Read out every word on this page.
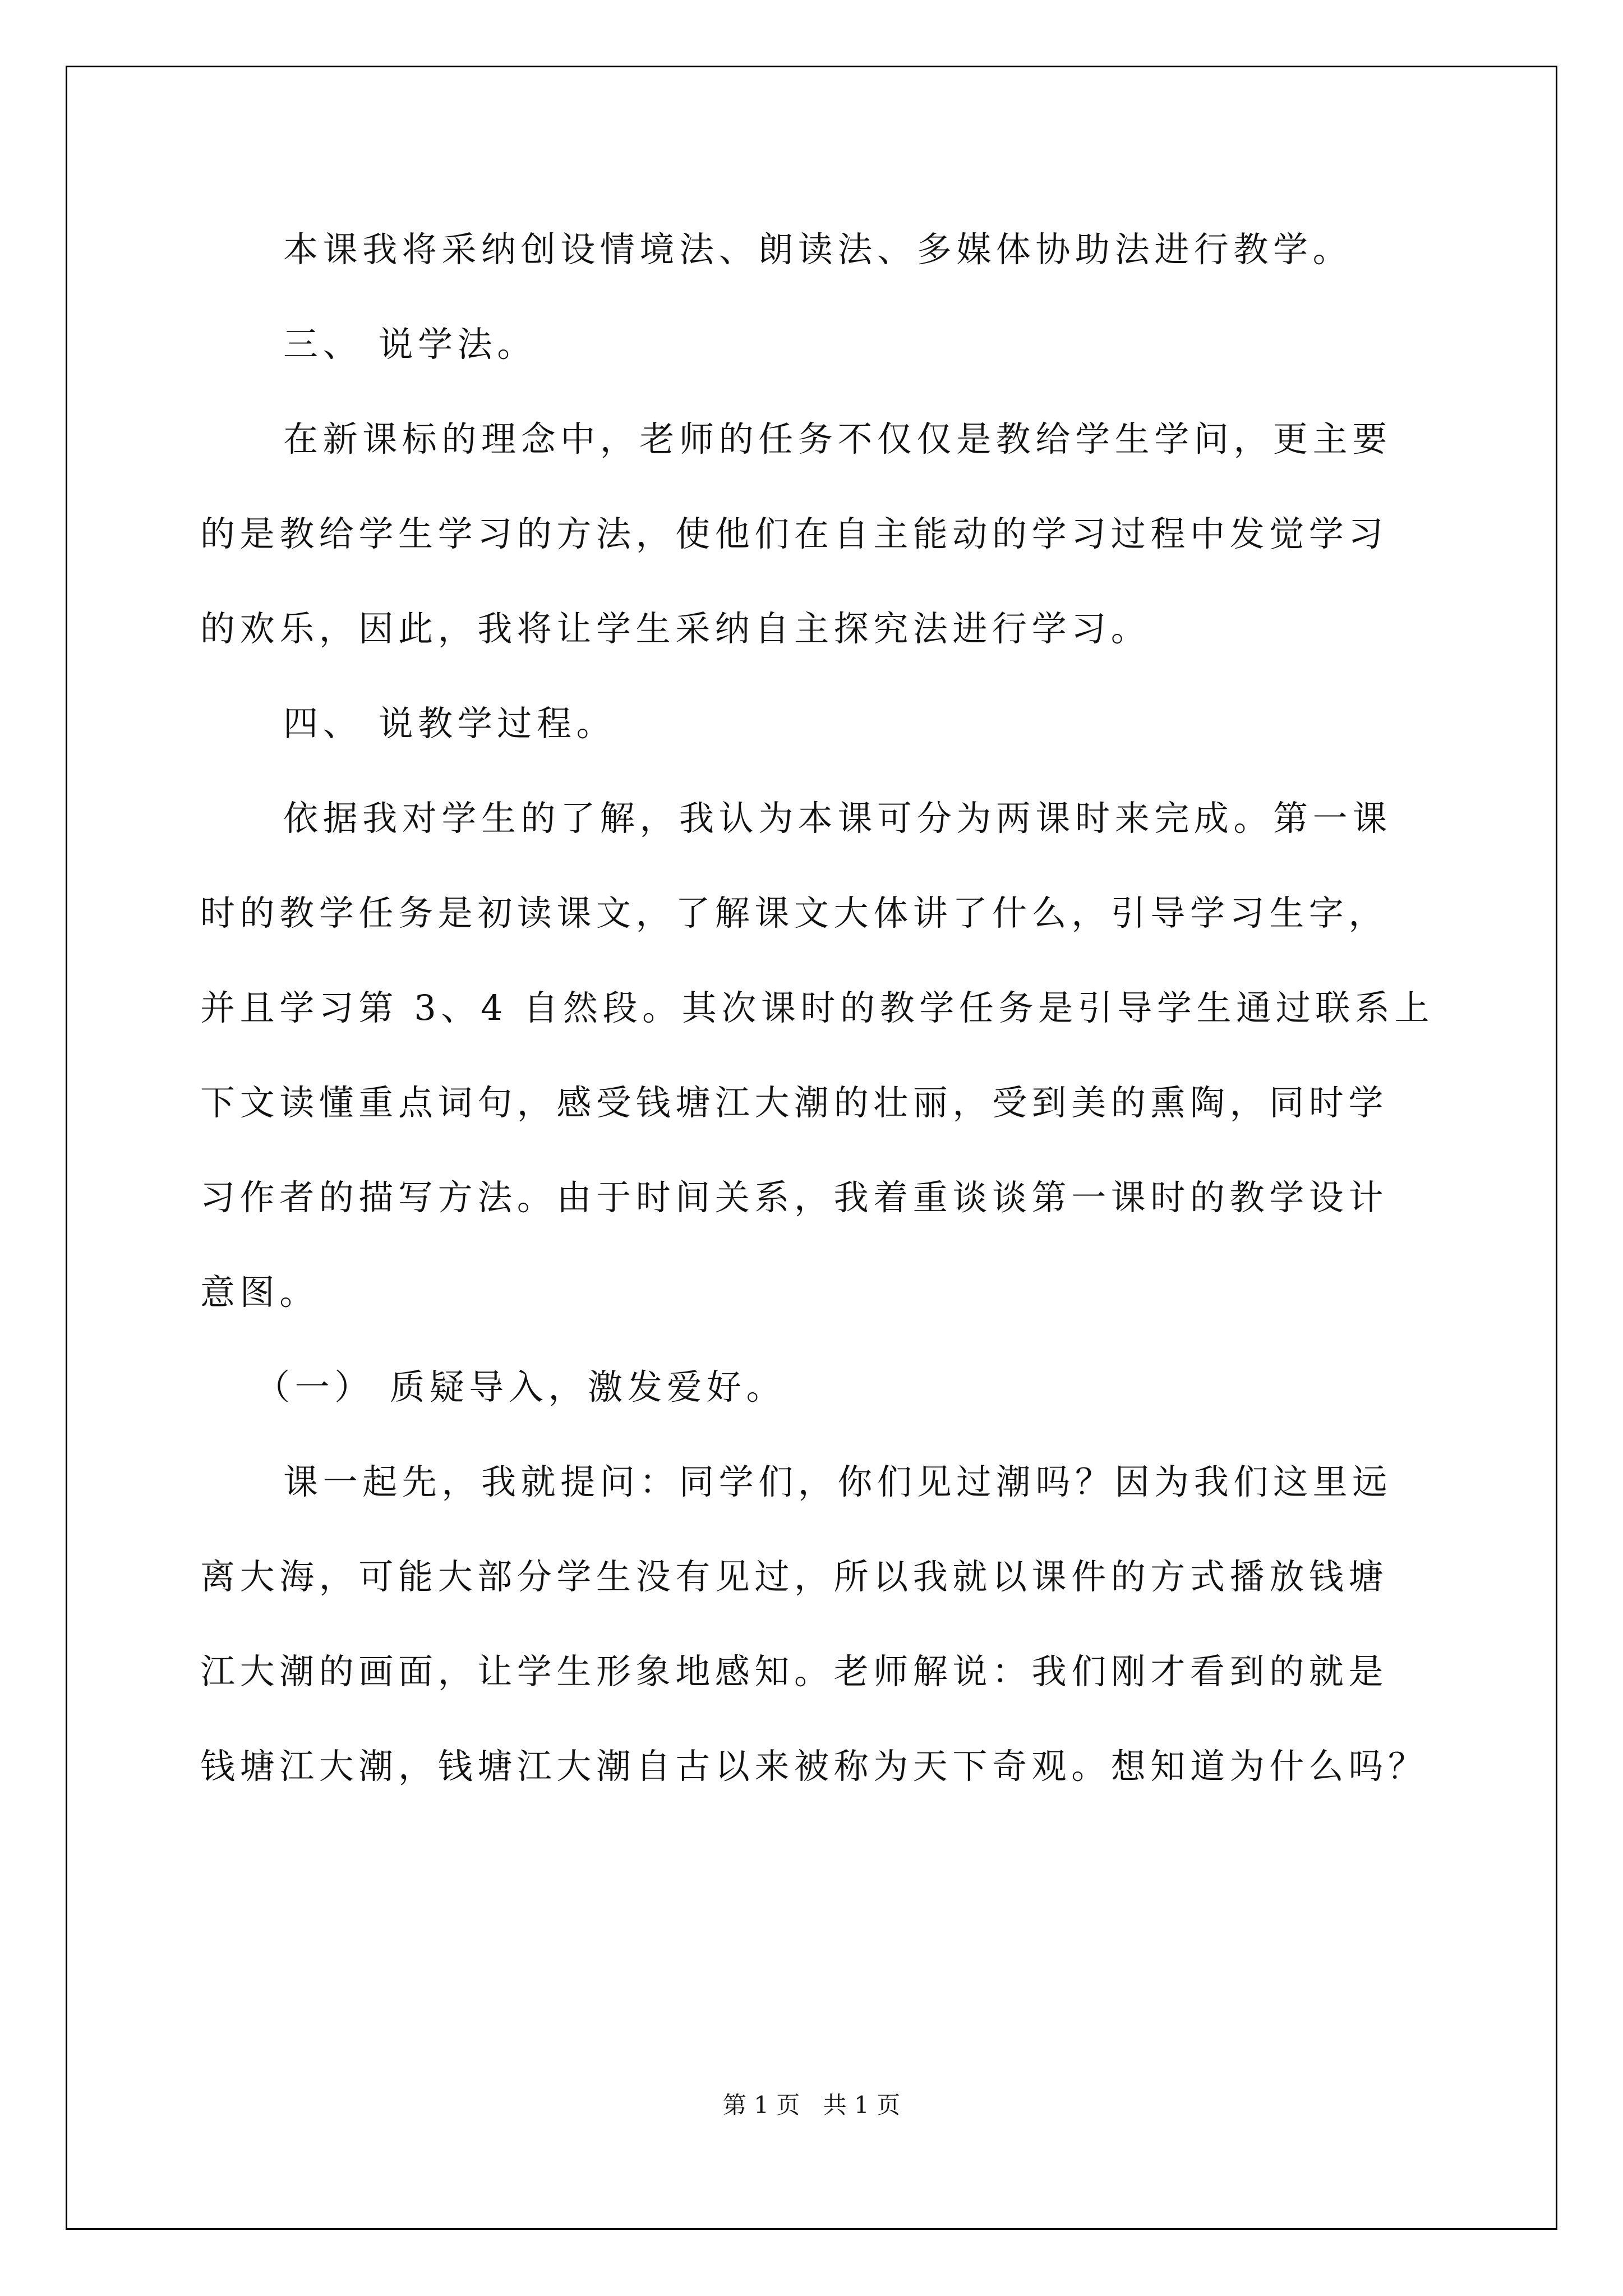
本课我将采纳创设情境法、朗读法、多媒体协助法进行教学。
三、 说学法。
在新课标的理念中，老师的任务不仅仅是教给学生学问，更主要
的是教给学生学习的方法，使他们在自主能动的学习过程中发觉学习
的欢乐，因此，我将让学生采纳自主探究法进行学习。
四、 说教学过程。
依据我对学生的了解，我认为本课可分为两课时来完成。第一课
时的教学任务是初读课文，了解课文大体讲了什么，引导学习生字，
并且学习第 3、4 自然段。其次课时的教学任务是引导学生通过联系上
下文读懂重点词句，感受钱塘江大潮的壮丽，受到美的熏陶，同时学
习作者的描写方法。由于时间关系，我着重谈谈第一课时的教学设计
意图。
（一） 质疑导入，激发爱好。
课一起先，我就提问：同学们，你们见过潮吗？因为我们这里远
离大海，可能大部分学生没有见过，所以我就以课件的方式播放钱塘
江大潮的画面，让学生形象地感知。老师解说：我们刚才看到的就是
钱塘江大潮，钱塘江大潮自古以来被称为天下奇观。想知道为什么吗？
第 1 页 共 1 页
